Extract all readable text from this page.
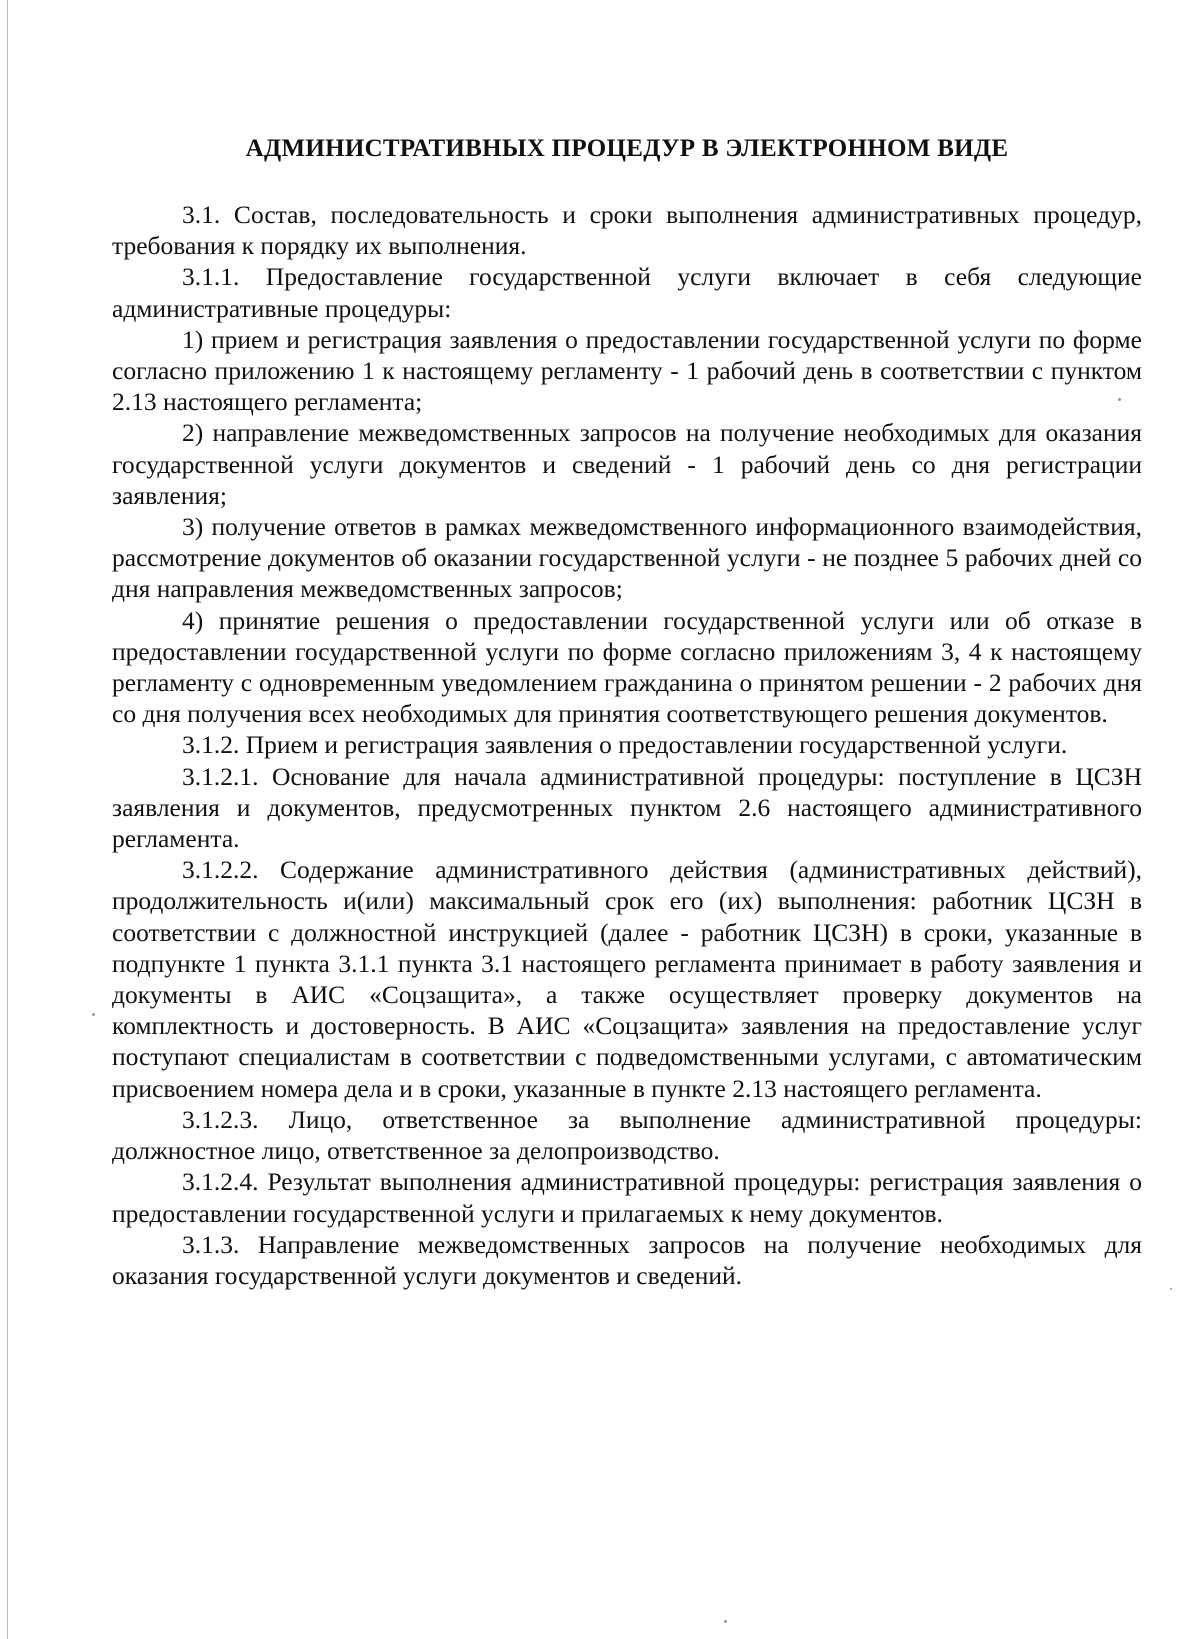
АДМИНИСТРАТИВНЫХ ПРОЦЕДУР В ЭЛЕКТРОННОМ ВИДЕ

3.1. Состав, последовательность и сроки выполнения административных процедур, требования к порядку их выполнения.

3.1.1. Предоставление государственной услуги включает в себя следующие административные процедуры:

1) прием и регистрация заявления о предоставлении государственной услуги по форме согласно приложению 1 к настоящему регламенту - 1 рабочий день в соответствии с пунктом 2.13 настоящего регламента;

2) направление межведомственных запросов на получение необходимых для оказания государственной услуги документов и сведений - 1 рабочий день со дня регистрации заявления;

3) получение ответов в рамках межведомственного информационного взаимодействия, рассмотрение документов об оказании государственной услуги - не позднее 5 рабочих дней со дня направления межведомственных запросов;

4) принятие решения о предоставлении государственной услуги или об отказе в предоставлении государственной услуги по форме согласно приложениям 3, 4 к настоящему регламенту с одновременным уведомлением гражданина о принятом решении - 2 рабочих дня со дня получения всех необходимых для принятия соответствующего решения документов.

3.1.2. Прием и регистрация заявления о предоставлении государственной услуги.

3.1.2.1. Основание для начала административной процедуры: поступление в ЦСЗН заявления и документов, предусмотренных пунктом 2.6 настоящего административного регламента.

3.1.2.2. Содержание административного действия (административных действий), продолжительность и(или) максимальный срок его (их) выполнения: работник ЦСЗН в соответствии с должностной инструкцией (далее - работник ЦСЗН) в сроки, указанные в подпункте 1 пункта 3.1.1 пункта 3.1 настоящего регламента принимает в работу заявления и документы в АИС «Соцзащита», а также осуществляет проверку документов на комплектность и достоверность. В АИС «Соцзащита» заявления на предоставление услуг поступают специалистам в соответствии с подведомственными услугами, с автоматическим присвоением номера дела и в сроки, указанные в пункте 2.13 настоящего регламента.

3.1.2.3. Лицо, ответственное за выполнение административной процедуры: должностное лицо, ответственное за делопроизводство.

3.1.2.4. Результат выполнения административной процедуры: регистрация заявления о предоставлении государственной услуги и прилагаемых к нему документов.

3.1.3. Направление межведомственных запросов на получение необходимых для оказания государственной услуги документов и сведений.
